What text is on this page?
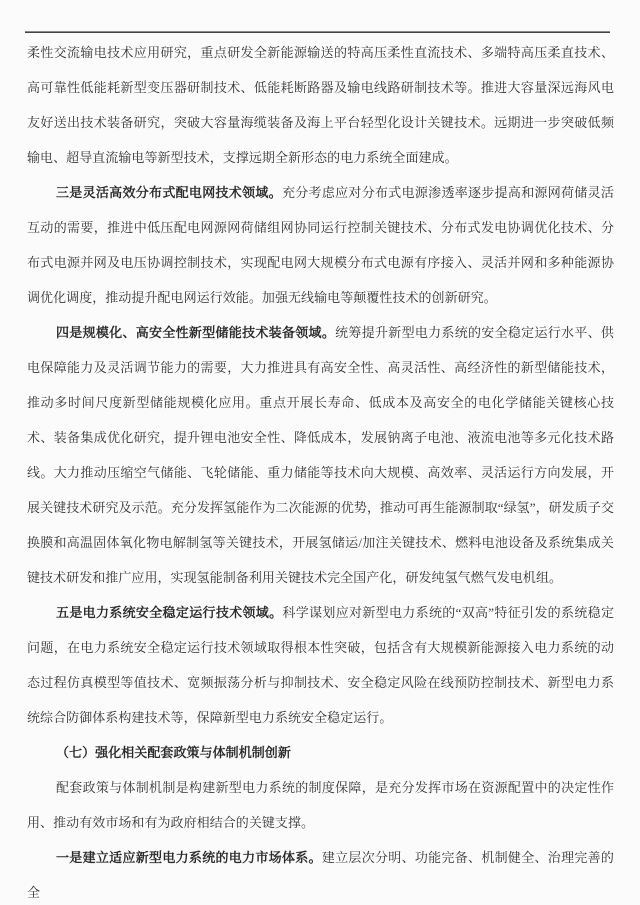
柔性交流输电技术应用研究，重点研发全新能源输送的特高压柔性直流技术、多端特高压柔直技术、高可靠性低能耗新型变压器研制技术、低能耗断路器及输电线路研制技术等。推进大容量深远海风电友好送出技术装备研究，突破大容量海缆装备及海上平台轻型化设计关键技术。远期进一步突破低频输电、超导直流输电等新型技术，支撑远期全新形态的电力系统全面建成。

三是灵活高效分布式配电网技术领域。充分考虑应对分布式电源渗透率逐步提高和源网荷储灵活互动的需要，推进中低压配电网源网荷储组网协同运行控制关键技术、分布式发电协调优化技术、分布式电源并网及电压协调控制技术，实现配电网大规模分布式电源有序接入、灵活并网和多种能源协调优化调度，推动提升配电网运行效能。加强无线输电等颠覆性技术的创新研究。

四是规模化、高安全性新型储能技术装备领域。统筹提升新型电力系统的安全稳定运行水平、供电保障能力及灵活调节能力的需要，大力推进具有高安全性、高灵活性、高经济性的新型储能技术，推动多时间尺度新型储能规模化应用。重点开展长寿命、低成本及高安全的电化学储能关键核心技术、装备集成优化研究，提升锂电池安全性、降低成本，发展钠离子电池、液流电池等多元化技术路线。大力推动压缩空气储能、飞轮储能、重力储能等技术向大规模、高效率、灵活运行方向发展，开展关键技术研究及示范。充分发挥氢能作为二次能源的优势，推动可再生能源制取“绿氢”，研发质子交换膜和高温固体氧化物电解制氢等关键技术，开展氢储运/加注关键技术、燃料电池设备及系统集成关键技术研发和推广应用，实现氢能制备利用关键技术完全国产化，研发纯氢气燃气发电机组。

五是电力系统安全稳定运行技术领域。科学谋划应对新型电力系统的“双高”特征引发的系统稳定问题，在电力系统安全稳定运行技术领域取得根本性突破，包括含有大规模新能源接入电力系统的动态过程仿真模型等值技术、宽频振荡分析与抑制技术、安全稳定风险在线预防控制技术、新型电力系统综合防御体系构建技术等，保障新型电力系统安全稳定运行。

（七）强化相关配套政策与体制机制创新

配套政策与体制机制是构建新型电力系统的制度保障，是充分发挥市场在资源配置中的决定性作用、推动有效市场和有为政府相结合的关键支撑。

一是建立适应新型电力系统的电力市场体系。建立层次分明、功能完备、机制健全、治理完善的全
